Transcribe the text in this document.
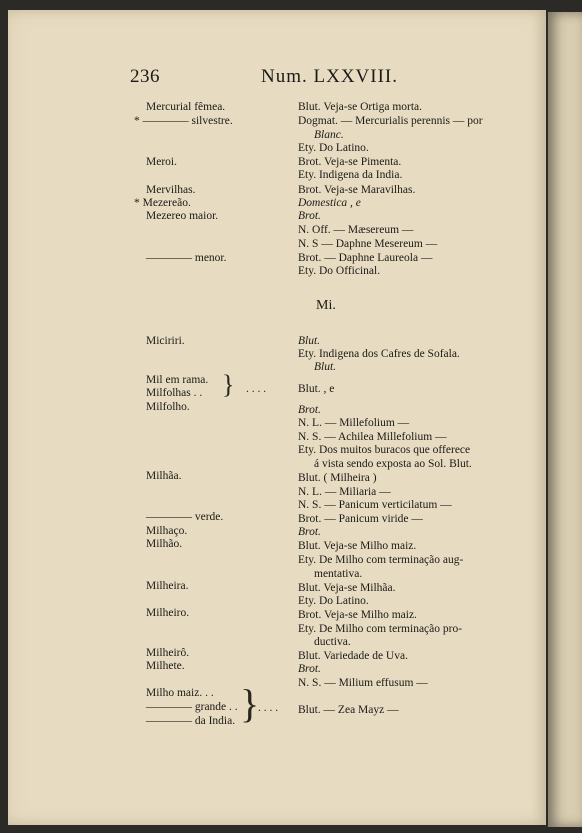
236	Num. LXXVIII.
Mercurial fêmea.
* ———— silvestre.
Meroi.
Mervilhas.
* Mezereão.
Mezereo maior.
———— menor.
Miciriri.
Mil em rama.
Milfolhas . .
Milfolho.
Milhãa.
———— verde.
Milhaço.
Milhão.
Milheira.
Milheiro.
Milheirô.
Milhete.
Milho maiz. . .
———— grande . .
———— da India.
} . . . .
}
. . . .
Mi.
Blut. Veja-se Ortiga morta.
Dogmat. — Mercurialis perennis — por
Blanc.
Ety. Do Latino.
Brot. Veja-se Pimenta.
Ety. Indigena da India.
Brot. Veja-se Maravilhas.
Domestica , e
Brot.
N. Off. — Mæsereum —
N. S — Daphne Mesereum —
Brot. — Daphne Laureola —
Ety. Do Officinal.
Blut.
Ety. Indigena dos Cafres de Sofala.
Blut.
Blut. , e
Brot.
N. L. — Millefolium —
N. S. — Achilea Millefolium —
Ety. Dos muitos buracos que offerece
á vista sendo exposta ao Sol. Blut.
Blut. ( Milheira )
N. L. — Miliaria —
N. S. — Panicum verticilatum —
Brot. — Panicum viride —
Brot.
Blut. Veja-se Milho maiz.
Ety. De Milho com terminação aug-
mentativa.
Blut. Veja-se Milhãa.
Ety. Do Latino.
Brot. Veja-se Milho maiz.
Ety. De Milho com terminação pro-
ductiva.
Blut. Variedade de Uva.
Brot.
N. S. — Milium effusum —
Blut. — Zea Mayz —
